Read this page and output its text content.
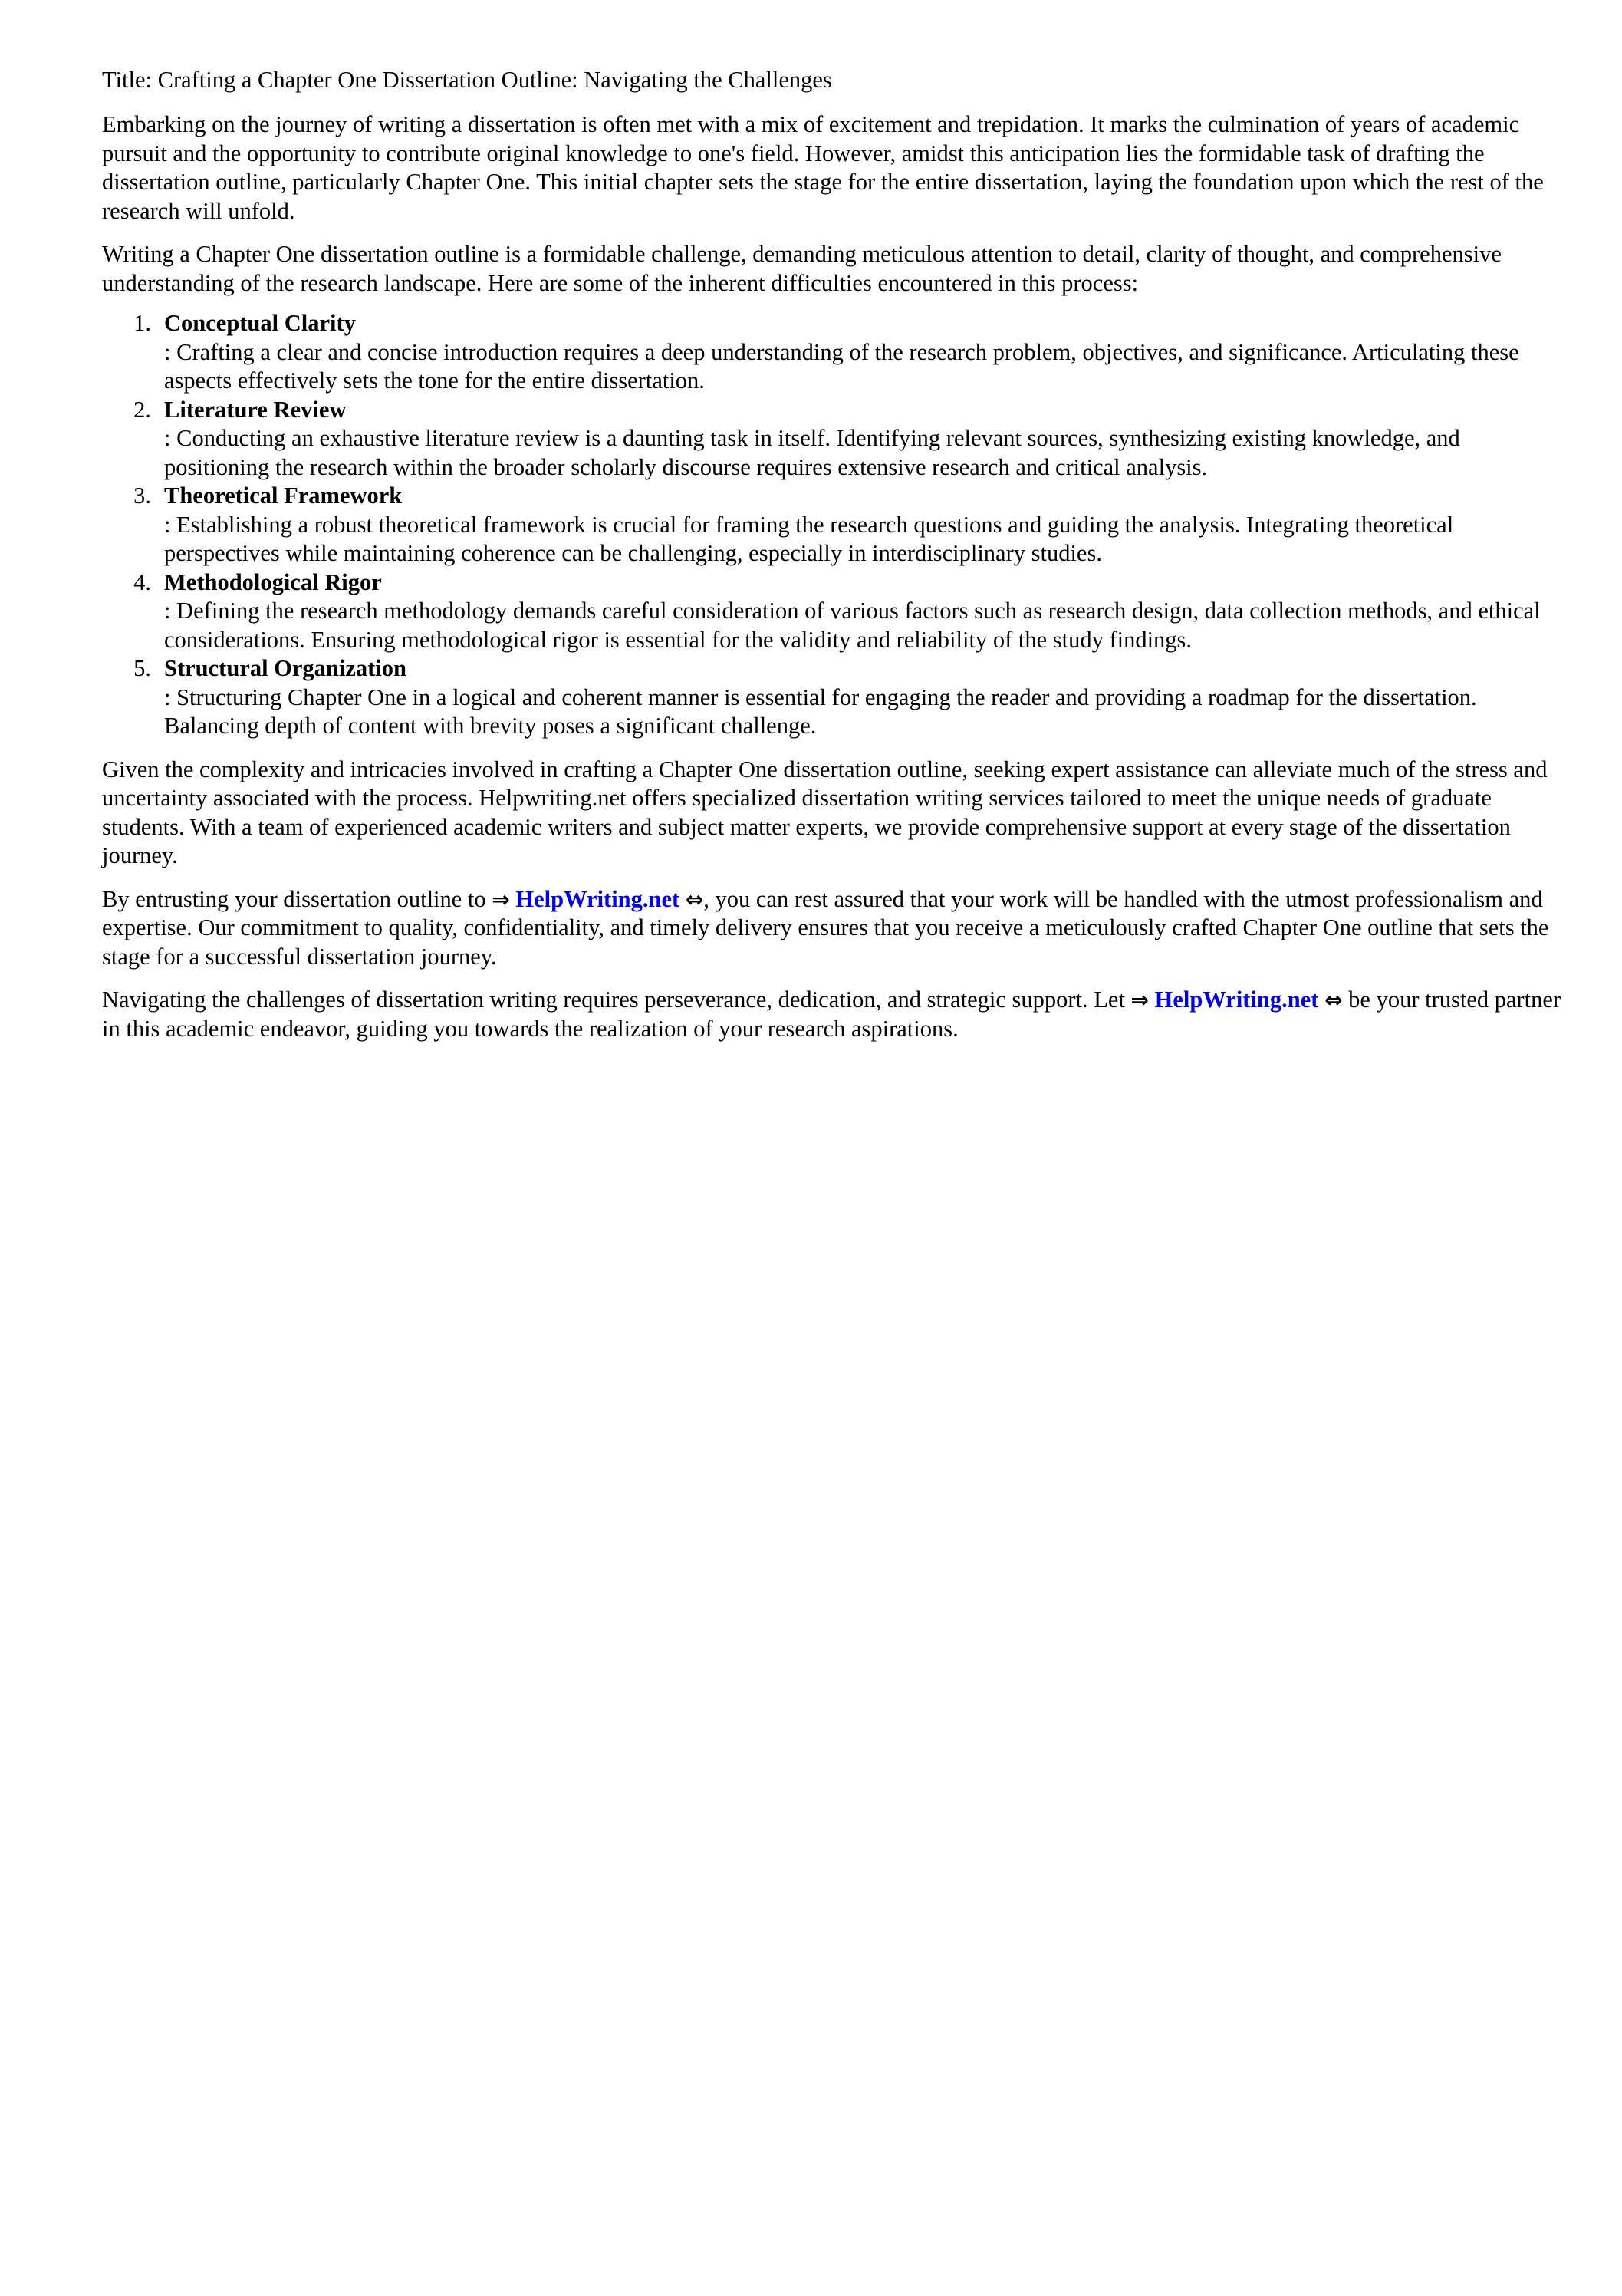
Title: Crafting a Chapter One Dissertation Outline: Navigating the Challenges

Embarking on the journey of writing a dissertation is often met with a mix of excitement and trepidation. It marks the culmination of years of academic pursuit and the opportunity to contribute original knowledge to one's field. However, amidst this anticipation lies the formidable task of drafting the dissertation outline, particularly Chapter One. This initial chapter sets the stage for the entire dissertation, laying the foundation upon which the rest of the research will unfold.

Writing a Chapter One dissertation outline is a formidable challenge, demanding meticulous attention to detail, clarity of thought, and comprehensive understanding of the research landscape. Here are some of the inherent difficulties encountered in this process:

Conceptual Clarity
: Crafting a clear and concise introduction requires a deep understanding of the research problem, objectives, and significance. Articulating these aspects effectively sets the tone for the entire dissertation.
Literature Review
: Conducting an exhaustive literature review is a daunting task in itself. Identifying relevant sources, synthesizing existing knowledge, and positioning the research within the broader scholarly discourse requires extensive research and critical analysis.
Theoretical Framework
: Establishing a robust theoretical framework is crucial for framing the research questions and guiding the analysis. Integrating theoretical perspectives while maintaining coherence can be challenging, especially in interdisciplinary studies.
Methodological Rigor
: Defining the research methodology demands careful consideration of various factors such as research design, data collection methods, and ethical considerations. Ensuring methodological rigor is essential for the validity and reliability of the study findings.
Structural Organization
: Structuring Chapter One in a logical and coherent manner is essential for engaging the reader and providing a roadmap for the dissertation. Balancing depth of content with brevity poses a significant challenge.

Given the complexity and intricacies involved in crafting a Chapter One dissertation outline, seeking expert assistance can alleviate much of the stress and uncertainty associated with the process. Helpwriting.net offers specialized dissertation writing services tailored to meet the unique needs of graduate students. With a team of experienced academic writers and subject matter experts, we provide comprehensive support at every stage of the dissertation journey.

By entrusting your dissertation outline to ⇒ HelpWriting.net ⇔, you can rest assured that your work will be handled with the utmost professionalism and expertise. Our commitment to quality, confidentiality, and timely delivery ensures that you receive a meticulously crafted Chapter One outline that sets the stage for a successful dissertation journey.

Navigating the challenges of dissertation writing requires perseverance, dedication, and strategic support. Let ⇒ HelpWriting.net ⇔ be your trusted partner in this academic endeavor, guiding you towards the realization of your research aspirations.
